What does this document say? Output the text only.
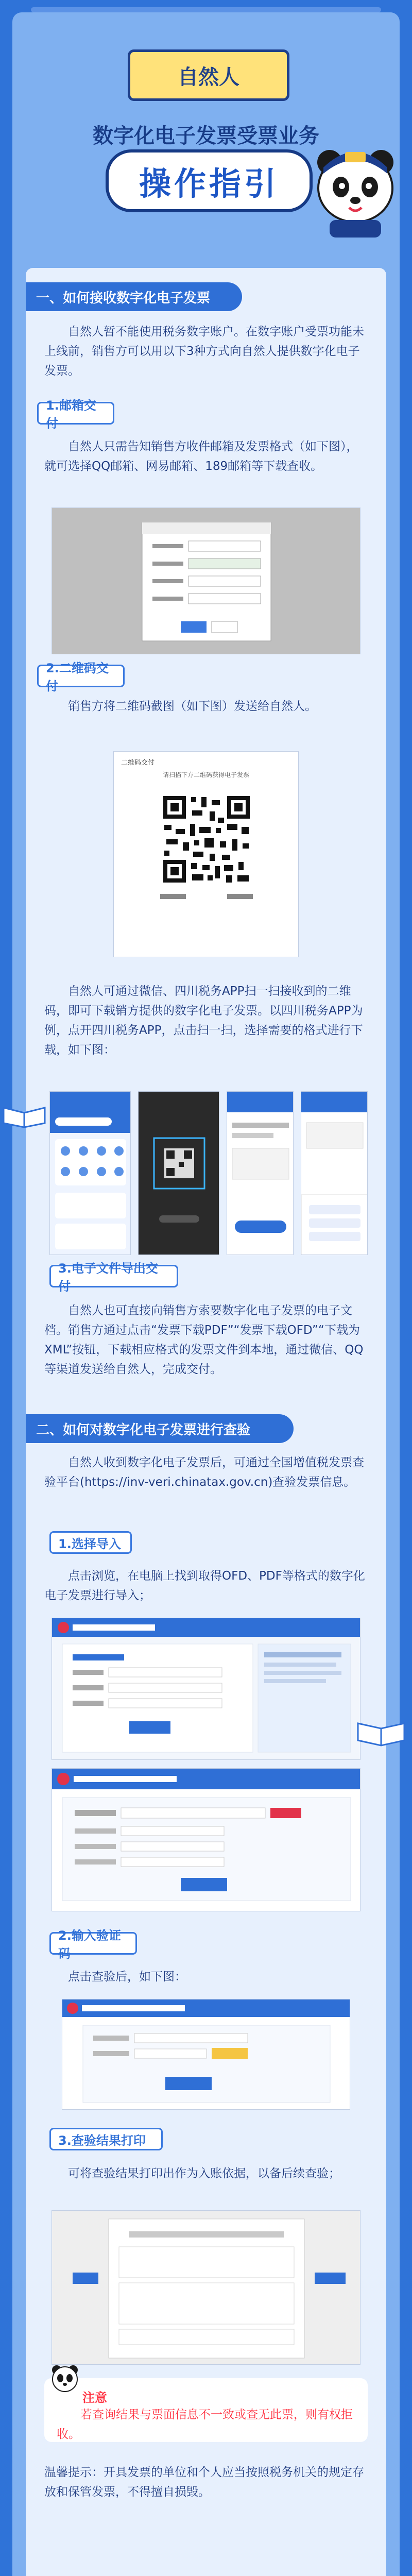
自然人
数字化电子发票受票业务
操作指引
一、如何接收数字化电子发票

自然人暂不能使用税务数字账户。在数字账户受票功能未上线前，销售方可以用以下3种方式向自然人提供数字化电子发票。

1.邮箱交付

自然人只需告知销售方收件邮箱及发票格式（如下图），就可选择QQ邮箱、网易邮箱、189邮箱等下载查收。

2.二维码交付

销售方将二维码截图（如下图）发送给自然人。

二维码交付
请扫描下方二维码获得电子发票

自然人可通过微信、四川税务APP扫一扫接收到的二维码，即可下载销方提供的数字化电子发票。以四川税务APP为例，点开四川税务APP，点击扫一扫，选择需要的格式进行下载，如下图：

3.电子文件导出交付

自然人也可直接向销售方索要数字化电子发票的电子文档。销售方通过点击“发票下载PDF”“发票下载OFD”“下载为XML”按钮，下载相应格式的发票文件到本地，通过微信、QQ等渠道发送给自然人，完成交付。

二、如何对数字化电子发票进行查验

自然人收到数字化电子发票后，可通过全国增值税发票查验平台(https://inv-veri.chinatax.gov.cn)查验发票信息。

1.选择导入

点击浏览，在电脑上找到取得OFD、PDF等格式的数字化电子发票进行导入；

2.输入验证码

点击查验后，如下图：

3.查验结果打印

可将查验结果打印出作为入账依据，以备后续查验；

注意

若查询结果与票面信息不一致或查无此票，则有权拒收。

温馨提示：开具发票的单位和个人应当按照税务机关的规定存放和保管发票，不得擅自损毁。
